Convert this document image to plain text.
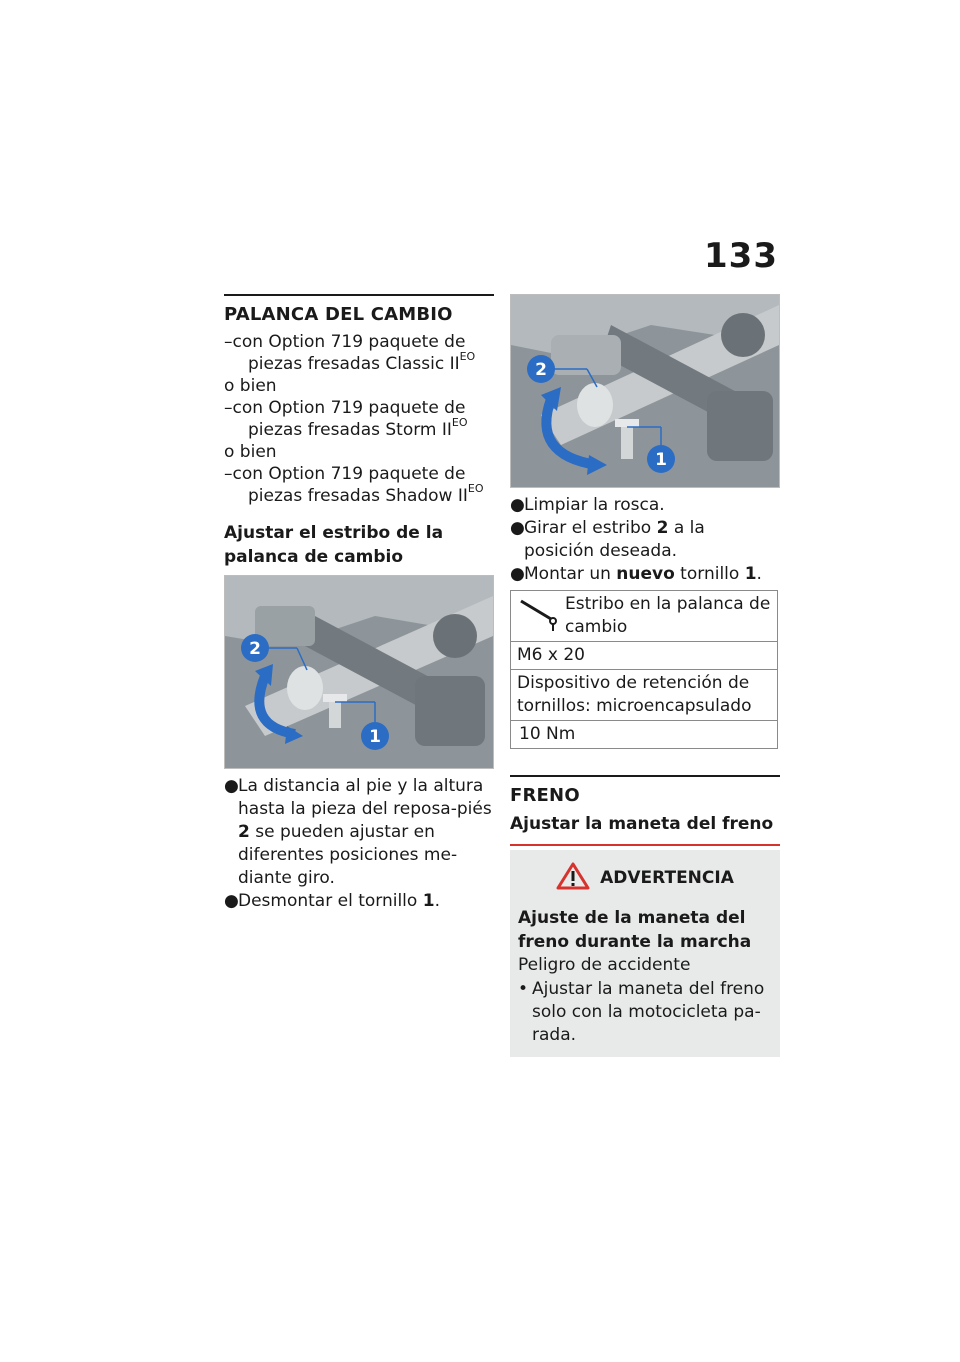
133
PALANCA DEL CAMBIO
–con Option 719 paquete de
piezas fresadas Classic $II^{EO}$
o bien
–con Option 719 paquete de
piezas fresadas Storm $II^{EO}$
o bien
–con Option 719 paquete de
piezas fresadas Shadow $II^{EO}$
Ajustar el estribo de la palanca de cambio
2
1
● La distancia al pie y la altura hasta la pieza del reposa-piés 2 se pueden ajustar en diferentes posiciones me-diante giro.
● Desmontar el tornillo 1.
2
1
● Limpiar la rosca.
● Girar el estribo 2 a la posición deseada.
● Montar un nuevo tornillo 1.
Estribo en la palanca de cambio

M6 x 20
Dispositivo de retención de tornillos: microencapsulado
10 Nm
FRENO
Ajustar la maneta del freno
ADVERTENCIA
Ajuste de la maneta del freno durante la marcha
Peligro de accidente
• Ajustar la maneta del freno solo con la motocicleta pa-rada.
